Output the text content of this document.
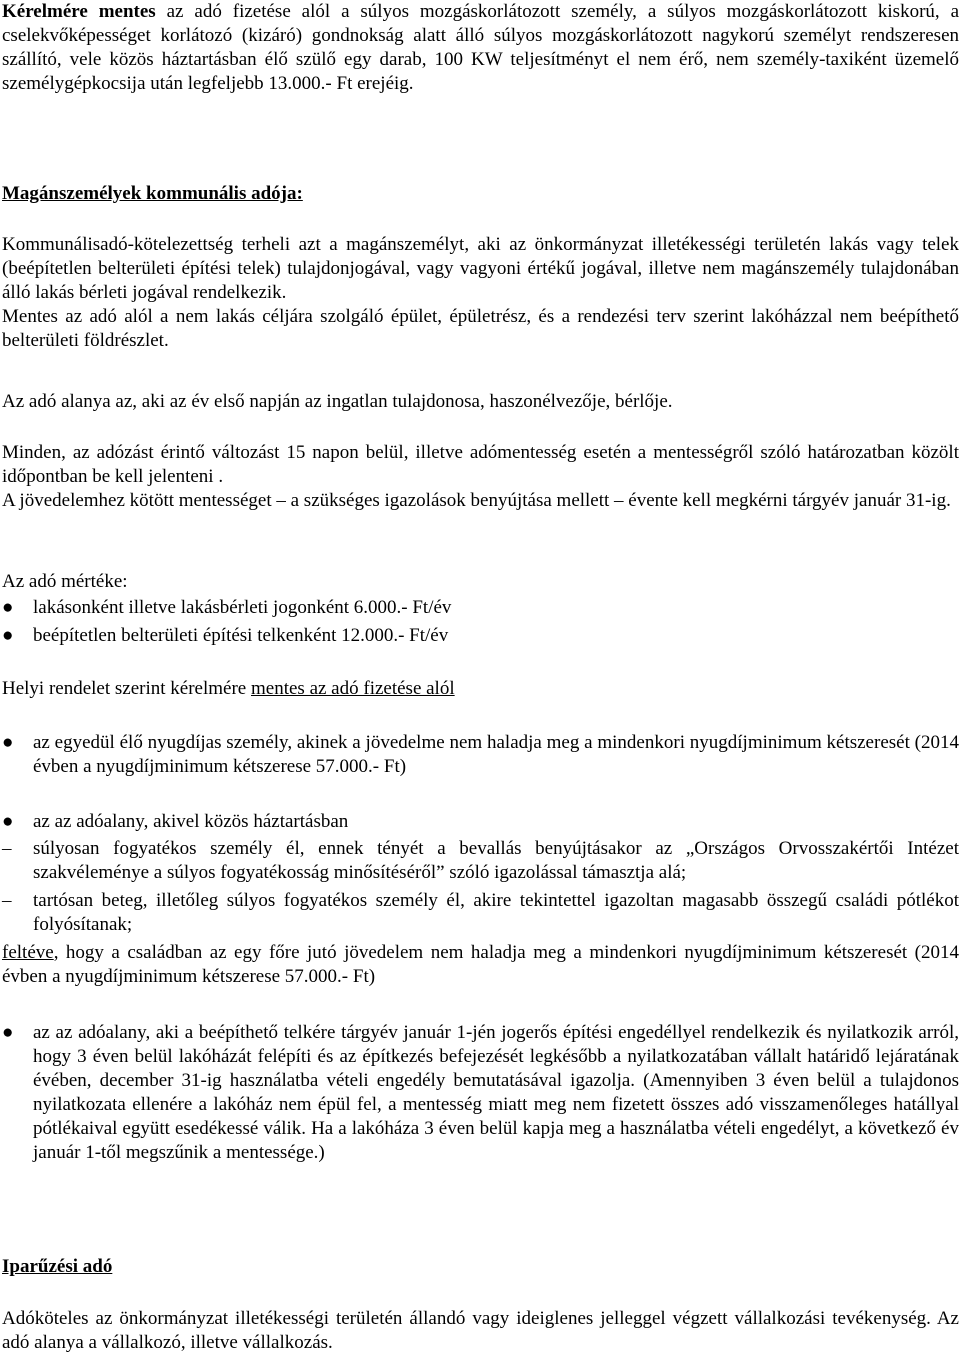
Kérelmére mentes az adó fizetése alól a súlyos mozgáskorlátozott személy, a súlyos mozgáskorlátozott kiskorú, a cselekvőképességet korlátozó (kizáró) gondnokság alatt álló súlyos mozgáskorlátozott nagykorú személyt rendszeresen szállító, vele közös háztartásban élő szülő egy darab, 100 KW teljesítményt el nem érő, nem személy-taxiként üzemelő személygépkocsija után legfeljebb 13.000.- Ft erejéig.

Magánszemélyek kommunális adója:

Kommunálisadó-kötelezettség terheli azt a magánszemélyt, aki az önkormányzat illetékességi területén lakás vagy telek (beépítetlen belterületi építési telek) tulajdonjogával, vagy vagyoni értékű jogával, illetve nem magánszemély tulajdonában álló lakás bérleti jogával rendelkezik.

Mentes az adó alól a nem lakás céljára szolgáló épület, épületrész, és a rendezési terv szerint lakóházzal nem beépíthető belterületi földrészlet.

Az adó alanya az, aki az év első napján az ingatlan tulajdonosa, haszonélvezője, bérlője.

Minden, az adózást érintő változást 15 napon belül, illetve adómentesség esetén a mentességről szóló határozatban közölt időpontban be kell jelenteni .

A jövedelemhez kötött mentességet – a szükséges igazolások benyújtása mellett – évente kell megkérni tárgyév január 31-ig.

Az adó mértéke:

●	lakásonként illetve lakásbérleti jogonként 6.000.- Ft/év

●	beépítetlen belterületi építési telkenként 12.000.- Ft/év

Helyi rendelet szerint kérelmére mentes az adó fizetése alól

●	az egyedül élő nyugdíjas személy, akinek a jövedelme nem haladja meg a mindenkori nyugdíjminimum kétszeresét (2014 évben a nyugdíjminimum kétszerese 57.000.- Ft)

●	az az adóalany, akivel közös háztartásban

–	súlyosan fogyatékos személy él, ennek tényét a bevallás benyújtásakor az „Országos Orvosszakértői Intézet szakvéleménye a súlyos fogyatékosság minősítéséről” szóló igazolással támasztja alá;

–	tartósan beteg, illetőleg súlyos fogyatékos személy él, akire tekintettel igazoltan magasabb összegű családi pótlékot folyósítanak;

feltéve, hogy a családban az egy főre jutó jövedelem nem haladja meg a mindenkori nyugdíjminimum kétszeresét (2014 évben a nyugdíjminimum kétszerese 57.000.- Ft)

●	az az adóalany, aki a beépíthető telkére tárgyév január 1-jén jogerős építési engedéllyel rendelkezik és nyilatkozik arról, hogy 3 éven belül lakóházát felépíti és az építkezés befejezését legkésőbb a nyilatkozatában vállalt határidő lejáratának évében, december 31-ig használatba vételi engedély bemutatásával igazolja. (Amennyiben 3 éven belül a tulajdonos nyilatkozata ellenére a lakóház nem épül fel, a mentesség miatt meg nem fizetett összes adó visszamenőleges hatállyal pótlékaival együtt esedékessé válik. Ha a lakóháza 3 éven belül kapja meg a használatba vételi engedélyt, a következő év január 1-től megszűnik a mentessége.)

Iparűzési adó

Adóköteles az önkormányzat illetékességi területén állandó vagy ideiglenes jelleggel végzett vállalkozási tevékenység. Az adó alanya a vállalkozó, illetve vállalkozás.
